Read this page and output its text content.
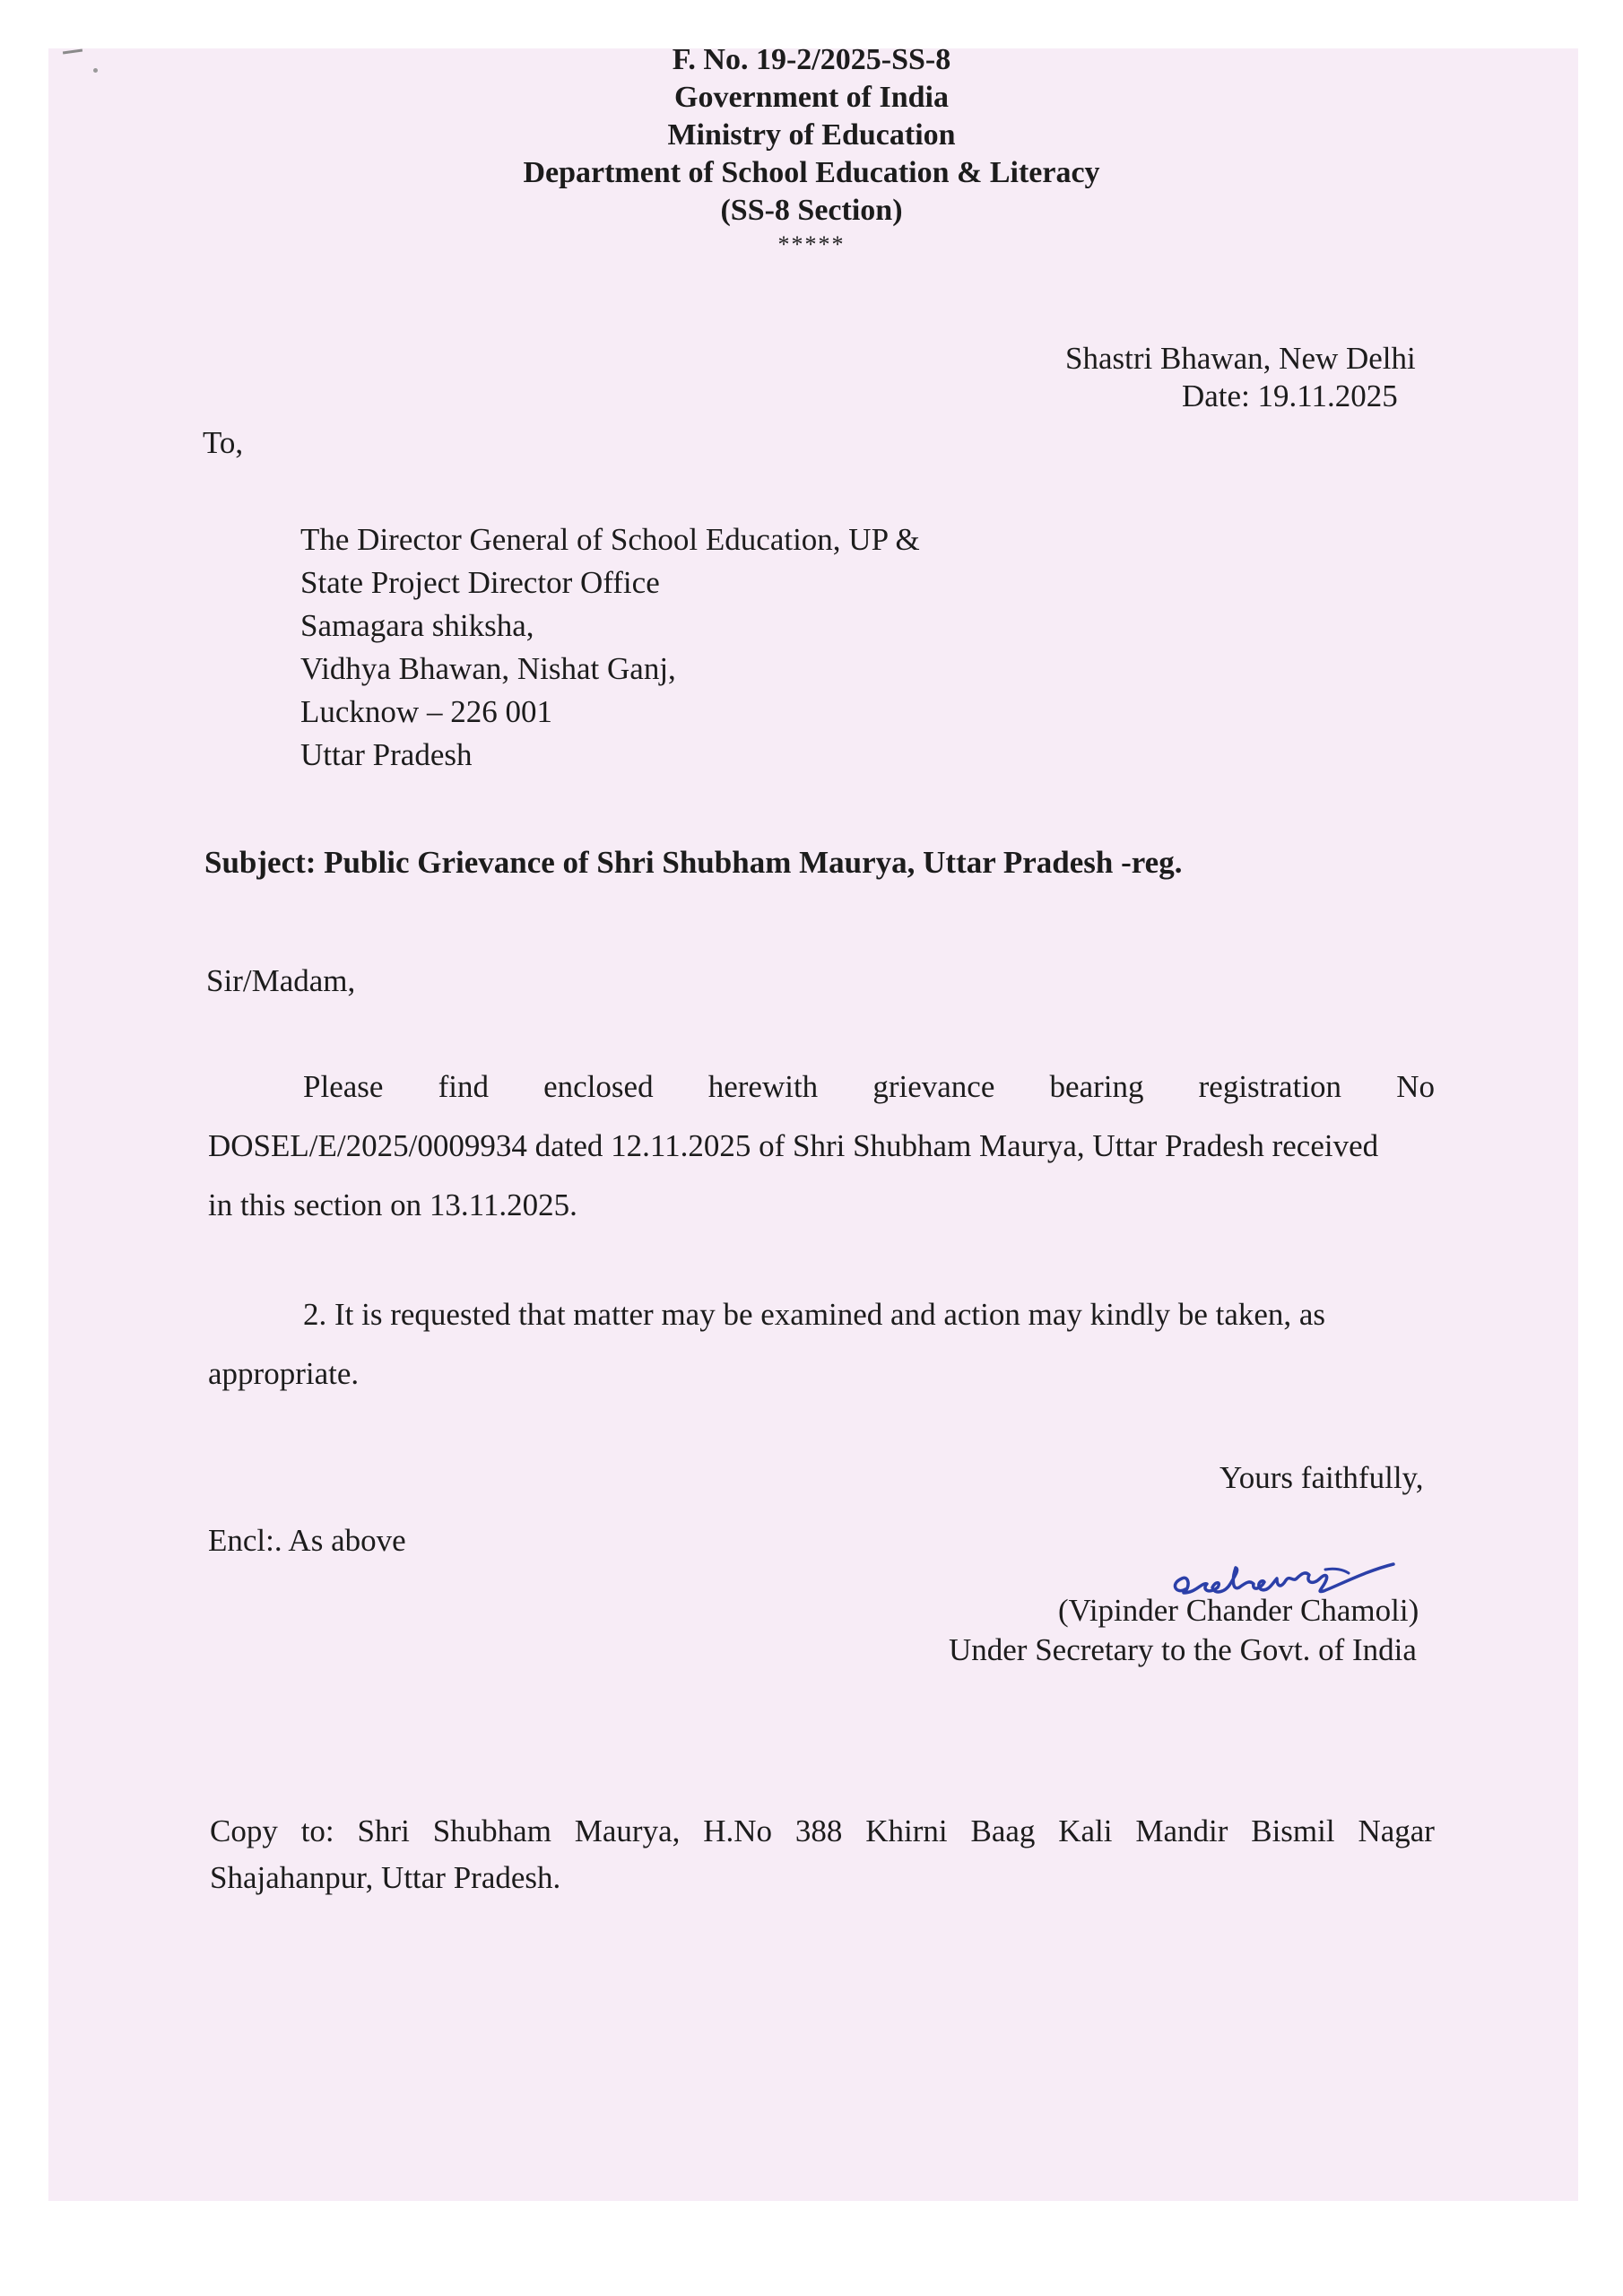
F. No. 19-2/2025-SS-8
Government of India
Ministry of Education
Department of School Education & Literacy
(SS-8 Section)
*****
Shastri Bhawan, New Delhi
Date: 19.11.2025
To,
The Director General of School Education, UP &
State Project Director Office
Samagara shiksha,
Vidhya Bhawan, Nishat Ganj,
Lucknow – 226 001
Uttar Pradesh
Subject: Public Grievance of Shri Shubham Maurya, Uttar Pradesh -reg.
Sir/Madam,
Please find enclosed herewith grievance bearing registration No
DOSEL/E/2025/0009934 dated 12.11.2025 of Shri Shubham Maurya, Uttar Pradesh received
in this section on 13.11.2025.
2. It is requested that matter may be examined and action may kindly be taken, as
appropriate.
Yours faithfully,
Encl:. As above
(Vipinder Chander Chamoli)
Under Secretary to the Govt. of India
Copy to: Shri Shubham Maurya, H.No 388 Khirni Baag Kali Mandir Bismil Nagar
Shajahanpur, Uttar Pradesh.
